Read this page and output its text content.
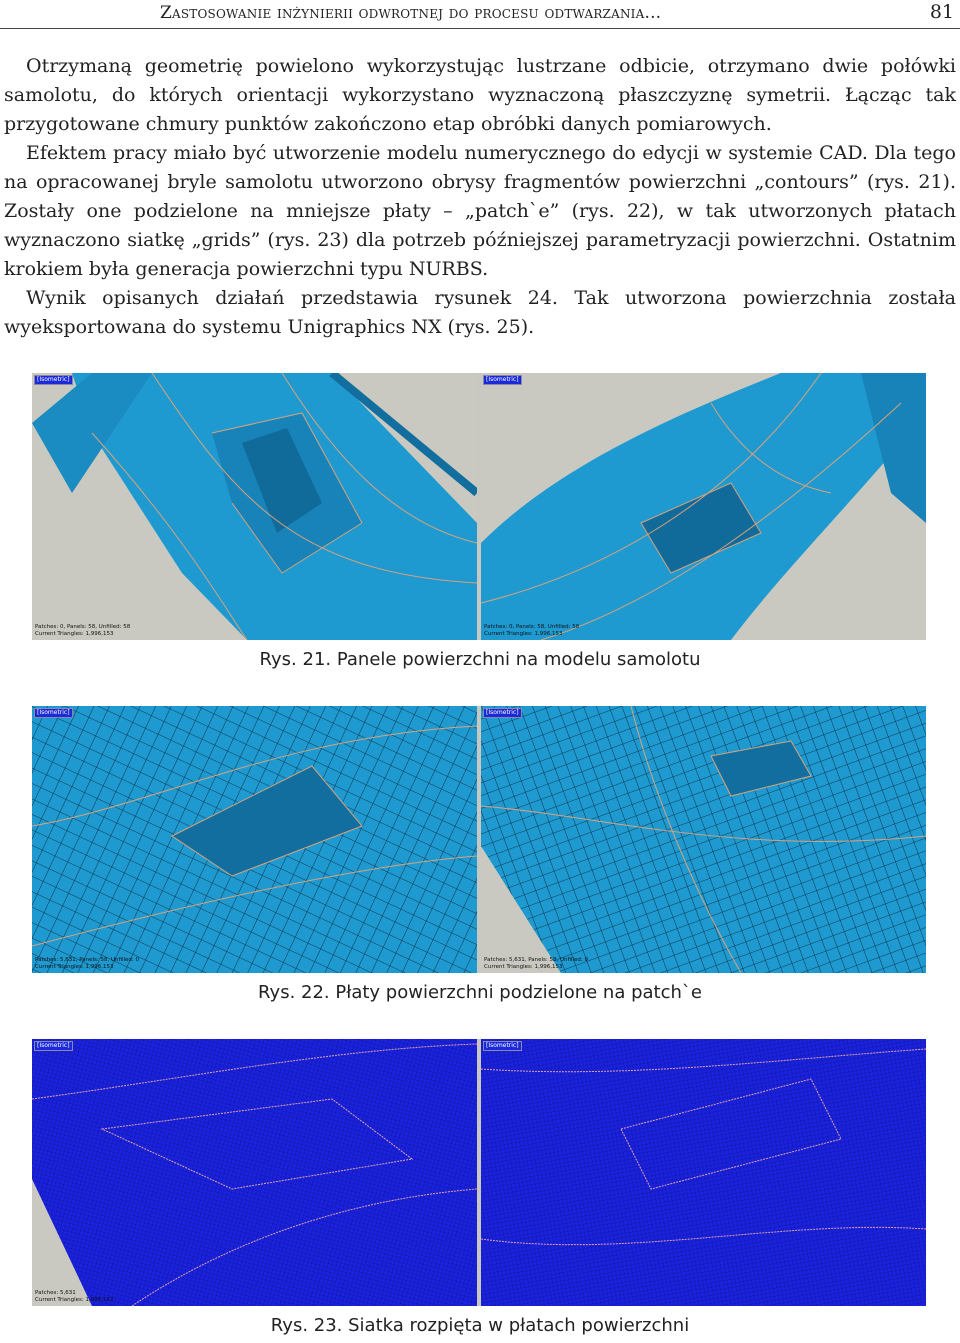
Zastosowanie inżynierii odwrotnej do procesu odtwarzania...	81

Otrzymaną geometrię powielono wykorzystując lustrzane odbicie, otrzymano dwie połówki samolotu, do których orientacji wykorzystano wyznaczoną płaszczyznę symetrii. Łącząc tak przygotowane chmury punktów zakończono etap obróbki danych pomiarowych.

Efektem pracy miało być utworzenie modelu numerycznego do edycji w systemie CAD. Dla tego na opracowanej bryle samolotu utworzono obrysy fragmentów powierzchni „contours” (rys. 21). Zostały one podzielone na mniejsze płaty – „patch`e” (rys. 22), w tak utworzonych płatach wyznaczono siatkę „grids” (rys. 23) dla potrzeb późniejszej parametryzacji powierzchni. Ostatnim krokiem była generacja powierzchni typu NURBS.

Wynik opisanych działań przedstawia rysunek 24. Tak utworzona powierzchnia została wyeksportowana do systemu Unigraphics NX (rys. 25).

[Isometric]
Patches: 0, Panels: 58, Unfilled: 58
Current Triangles: 1,996,153
[Isometric]
Patches: 0, Panels: 58, Unfilled: 58
Current Triangles: 1,996,153
Rys. 21. Panele powierzchni na modelu samolotu
[Isometric]
Patches: 5,631, Panels: 58, Unfilled: 0
Current Triangles: 1,996,153
[Isometric]
Patches: 5,631, Panels: 58, Unfilled: 0
Current Triangles: 1,996,153
Rys. 22. Płaty powierzchni podzielone na patch`e
[Isometric]
Patches: 5,631
Current Triangles: 1,996,153
[Isometric]
Rys. 23. Siatka rozpięta w płatach powierzchni
